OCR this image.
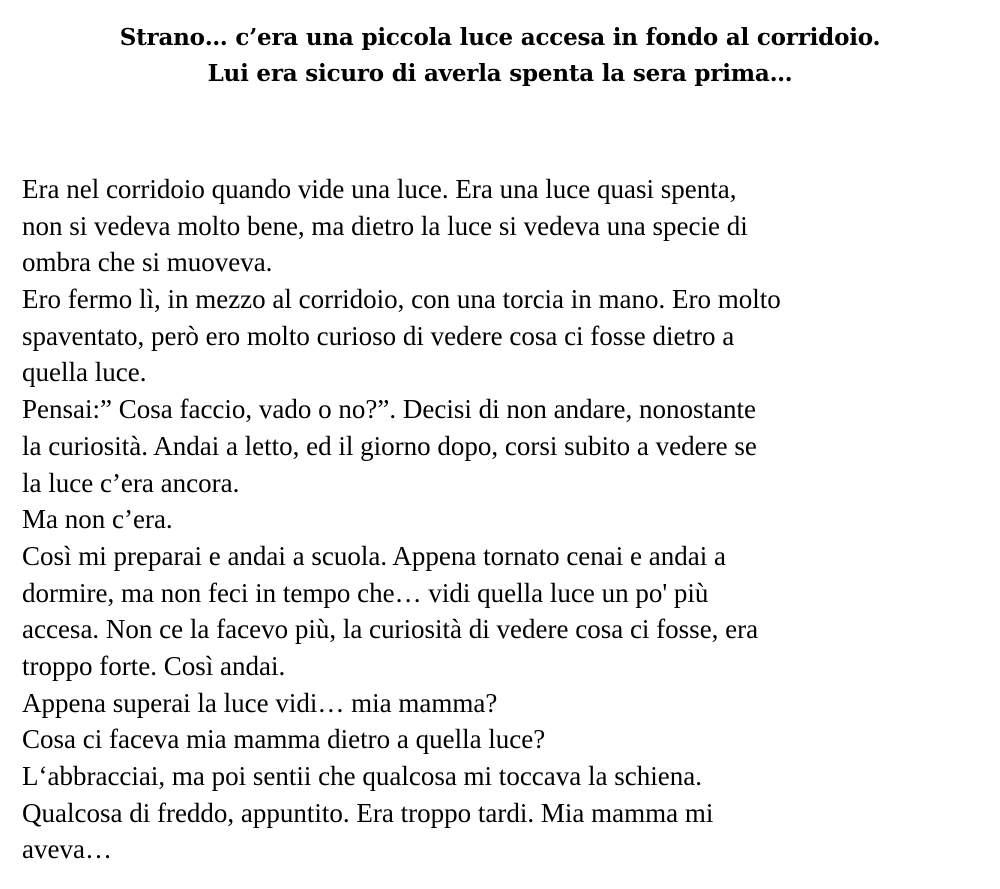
Strano… c’era una piccola luce accesa in fondo al corridoio.
Lui era sicuro di averla spenta la sera prima…
Era nel corridoio quando vide una luce. Era una luce quasi spenta,
non si vedeva molto bene, ma dietro la luce si vedeva una specie di
ombra che si muoveva.
Ero fermo lì, in mezzo al corridoio, con una torcia in mano. Ero molto
spaventato, però ero molto curioso di vedere cosa ci fosse dietro a
quella luce.
Pensai:” Cosa faccio, vado o no?”. Decisi di non andare, nonostante
la curiosità. Andai a letto, ed il giorno dopo, corsi subito a vedere se
la luce c’era ancora.
Ma non c’era.
Così mi preparai e andai a scuola. Appena tornato cenai e andai a
dormire, ma non feci in tempo che… vidi quella luce un po' più
accesa. Non ce la facevo più, la curiosità di vedere cosa ci fosse, era
troppo forte. Così andai.
Appena superai la luce vidi… mia mamma?
Cosa ci faceva mia mamma dietro a quella luce?
L‘abbracciai, ma poi sentii che qualcosa mi toccava la schiena.
Qualcosa di freddo, appuntito. Era troppo tardi. Mia mamma mi
aveva…
